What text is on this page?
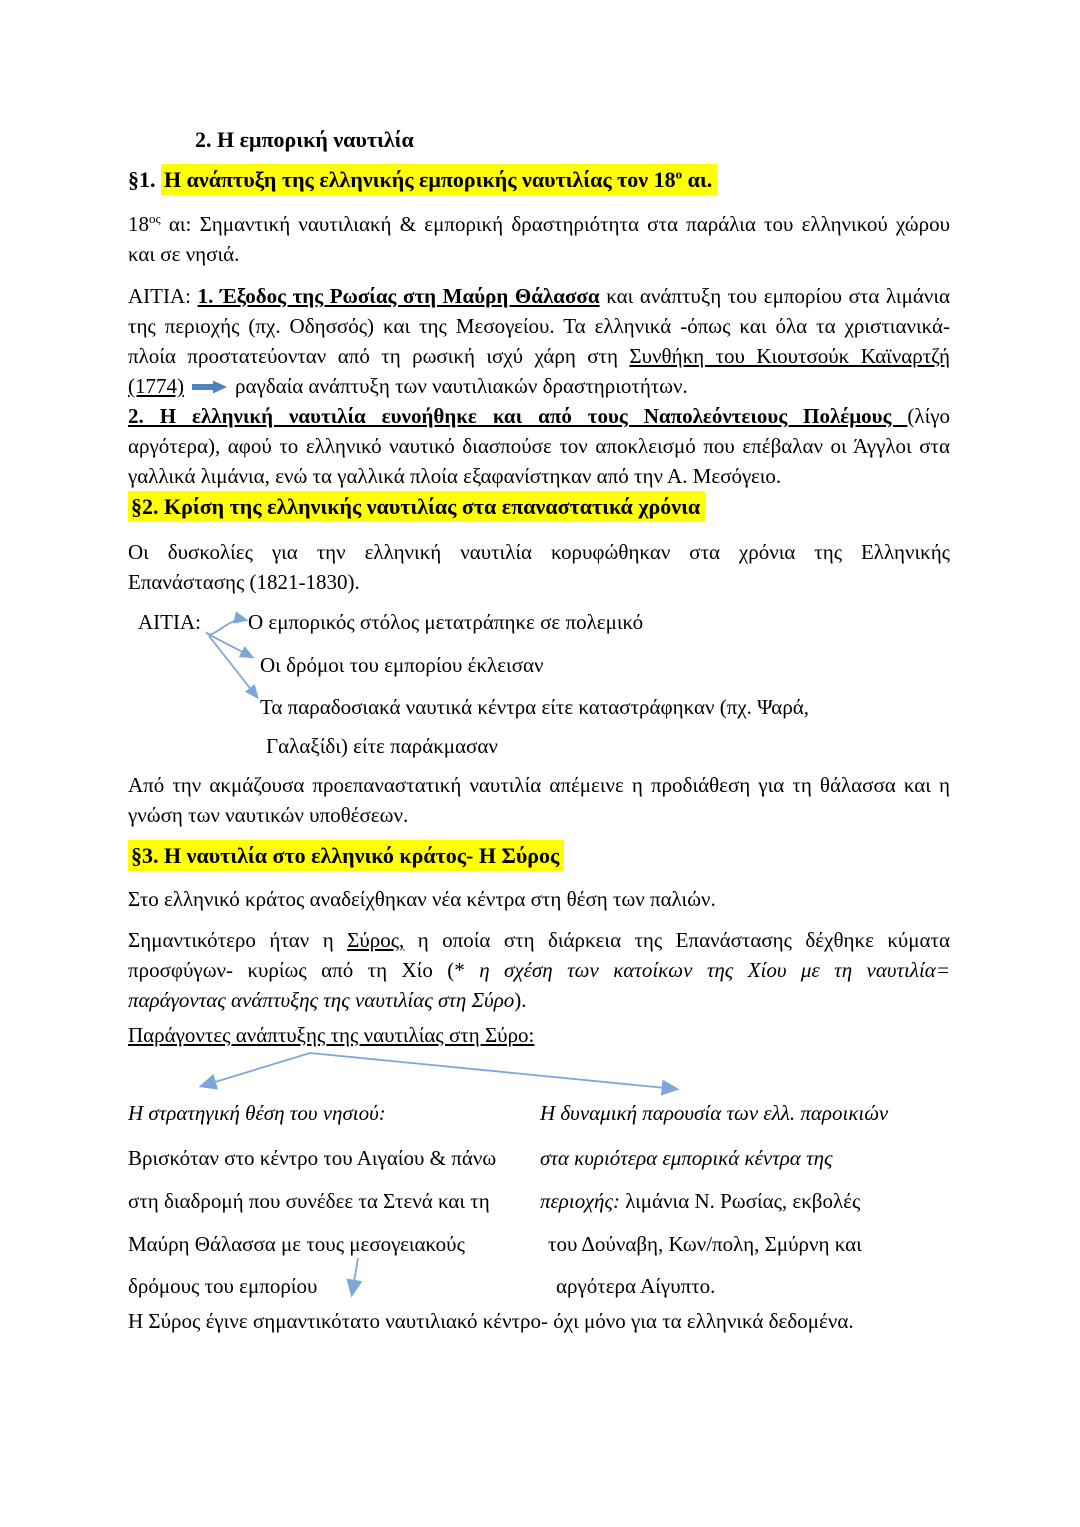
2. Η εμπορική ναυτιλία
§1. Η ανάπτυξη της ελληνικής εμπορικής ναυτιλίας τον $18^o$ αι.
$18^{o\varsigma}$ αι: Σημαντική ναυτιλιακή & εμπορική δραστηριότητα στα παράλια του ελληνικού χώρου
και σε νησιά.
ΑΙΤΙΑ: 1. Έξοδος της Ρωσίας στη Μαύρη Θάλασσα και ανάπτυξη του εμπορίου στα λιμάνια
της περιοχής (πχ. Οδησσός) και της Μεσογείου. Τα ελληνικά -όπως και όλα τα χριστιανικά-
πλοία προστατεύονταν από τη ρωσική ισχύ χάρη στη Συνθήκη του Κιουτσούκ Καϊναρτζή
(1774) ραγδαία ανάπτυξη των ναυτιλιακών δραστηριοτήτων.
2. Η ελληνική ναυτιλία ευνοήθηκε και από τους Ναπολεόντειους Πολέμους (λίγο
αργότερα), αφού το ελληνικό ναυτικό διασπούσε τον αποκλεισμό που επέβαλαν οι Άγγλοι στα
γαλλικά λιμάνια, ενώ τα γαλλικά πλοία εξαφανίστηκαν από την Α. Μεσόγειο.
§2. Κρίση της ελληνικής ναυτιλίας στα επαναστατικά χρόνια
Οι δυσκολίες για την ελληνική ναυτιλία κορυφώθηκαν στα χρόνια της Ελληνικής
Επανάστασης (1821-1830).
ΑΙΤΙΑ:	Ο εμπορικός στόλος μετατράπηκε σε πολεμικό
Οι δρόμοι του εμπορίου έκλεισαν
Τα παραδοσιακά ναυτικά κέντρα είτε καταστράφηκαν (πχ. Ψαρά,
Γαλαξίδι) είτε παράκμασαν
Από την ακμάζουσα προεπαναστατική ναυτιλία απέμεινε η προδιάθεση για τη θάλασσα και η
γνώση των ναυτικών υποθέσεων.
§3. Η ναυτιλία στο ελληνικό κράτος- Η Σύρος
Στο ελληνικό κράτος αναδείχθηκαν νέα κέντρα στη θέση των παλιών.
Σημαντικότερο ήταν η Σύρος, η οποία στη διάρκεια της Επανάστασης δέχθηκε κύματα
προσφύγων- κυρίως από τη Χίο (* η σχέση των κατοίκων της Χίου με τη ναυτιλία=
παράγοντας ανάπτυξης της ναυτιλίας στη Σύρο).
Παράγοντες ανάπτυξης της ναυτιλίας στη Σύρο:
Η στρατηγική θέση του νησιού:	Η δυναμική παρουσία των ελλ. παροικιών
Βρισκόταν στο κέντρο του Αιγαίου & πάνω	στα κυριότερα εμπορικά κέντρα της
στη διαδρομή που συνέδεε τα Στενά και τη	περιοχής: λιμάνια Ν. Ρωσίας, εκβολές
Μαύρη Θάλασσα με τους μεσογειακούς	του Δούναβη, Κων/πολη, Σμύρνη και
δρόμους του εμπορίου	αργότερα Αίγυπτο.
Η Σύρος έγινε σημαντικότατο ναυτιλιακό κέντρο- όχι μόνο για τα ελληνικά δεδομένα.
